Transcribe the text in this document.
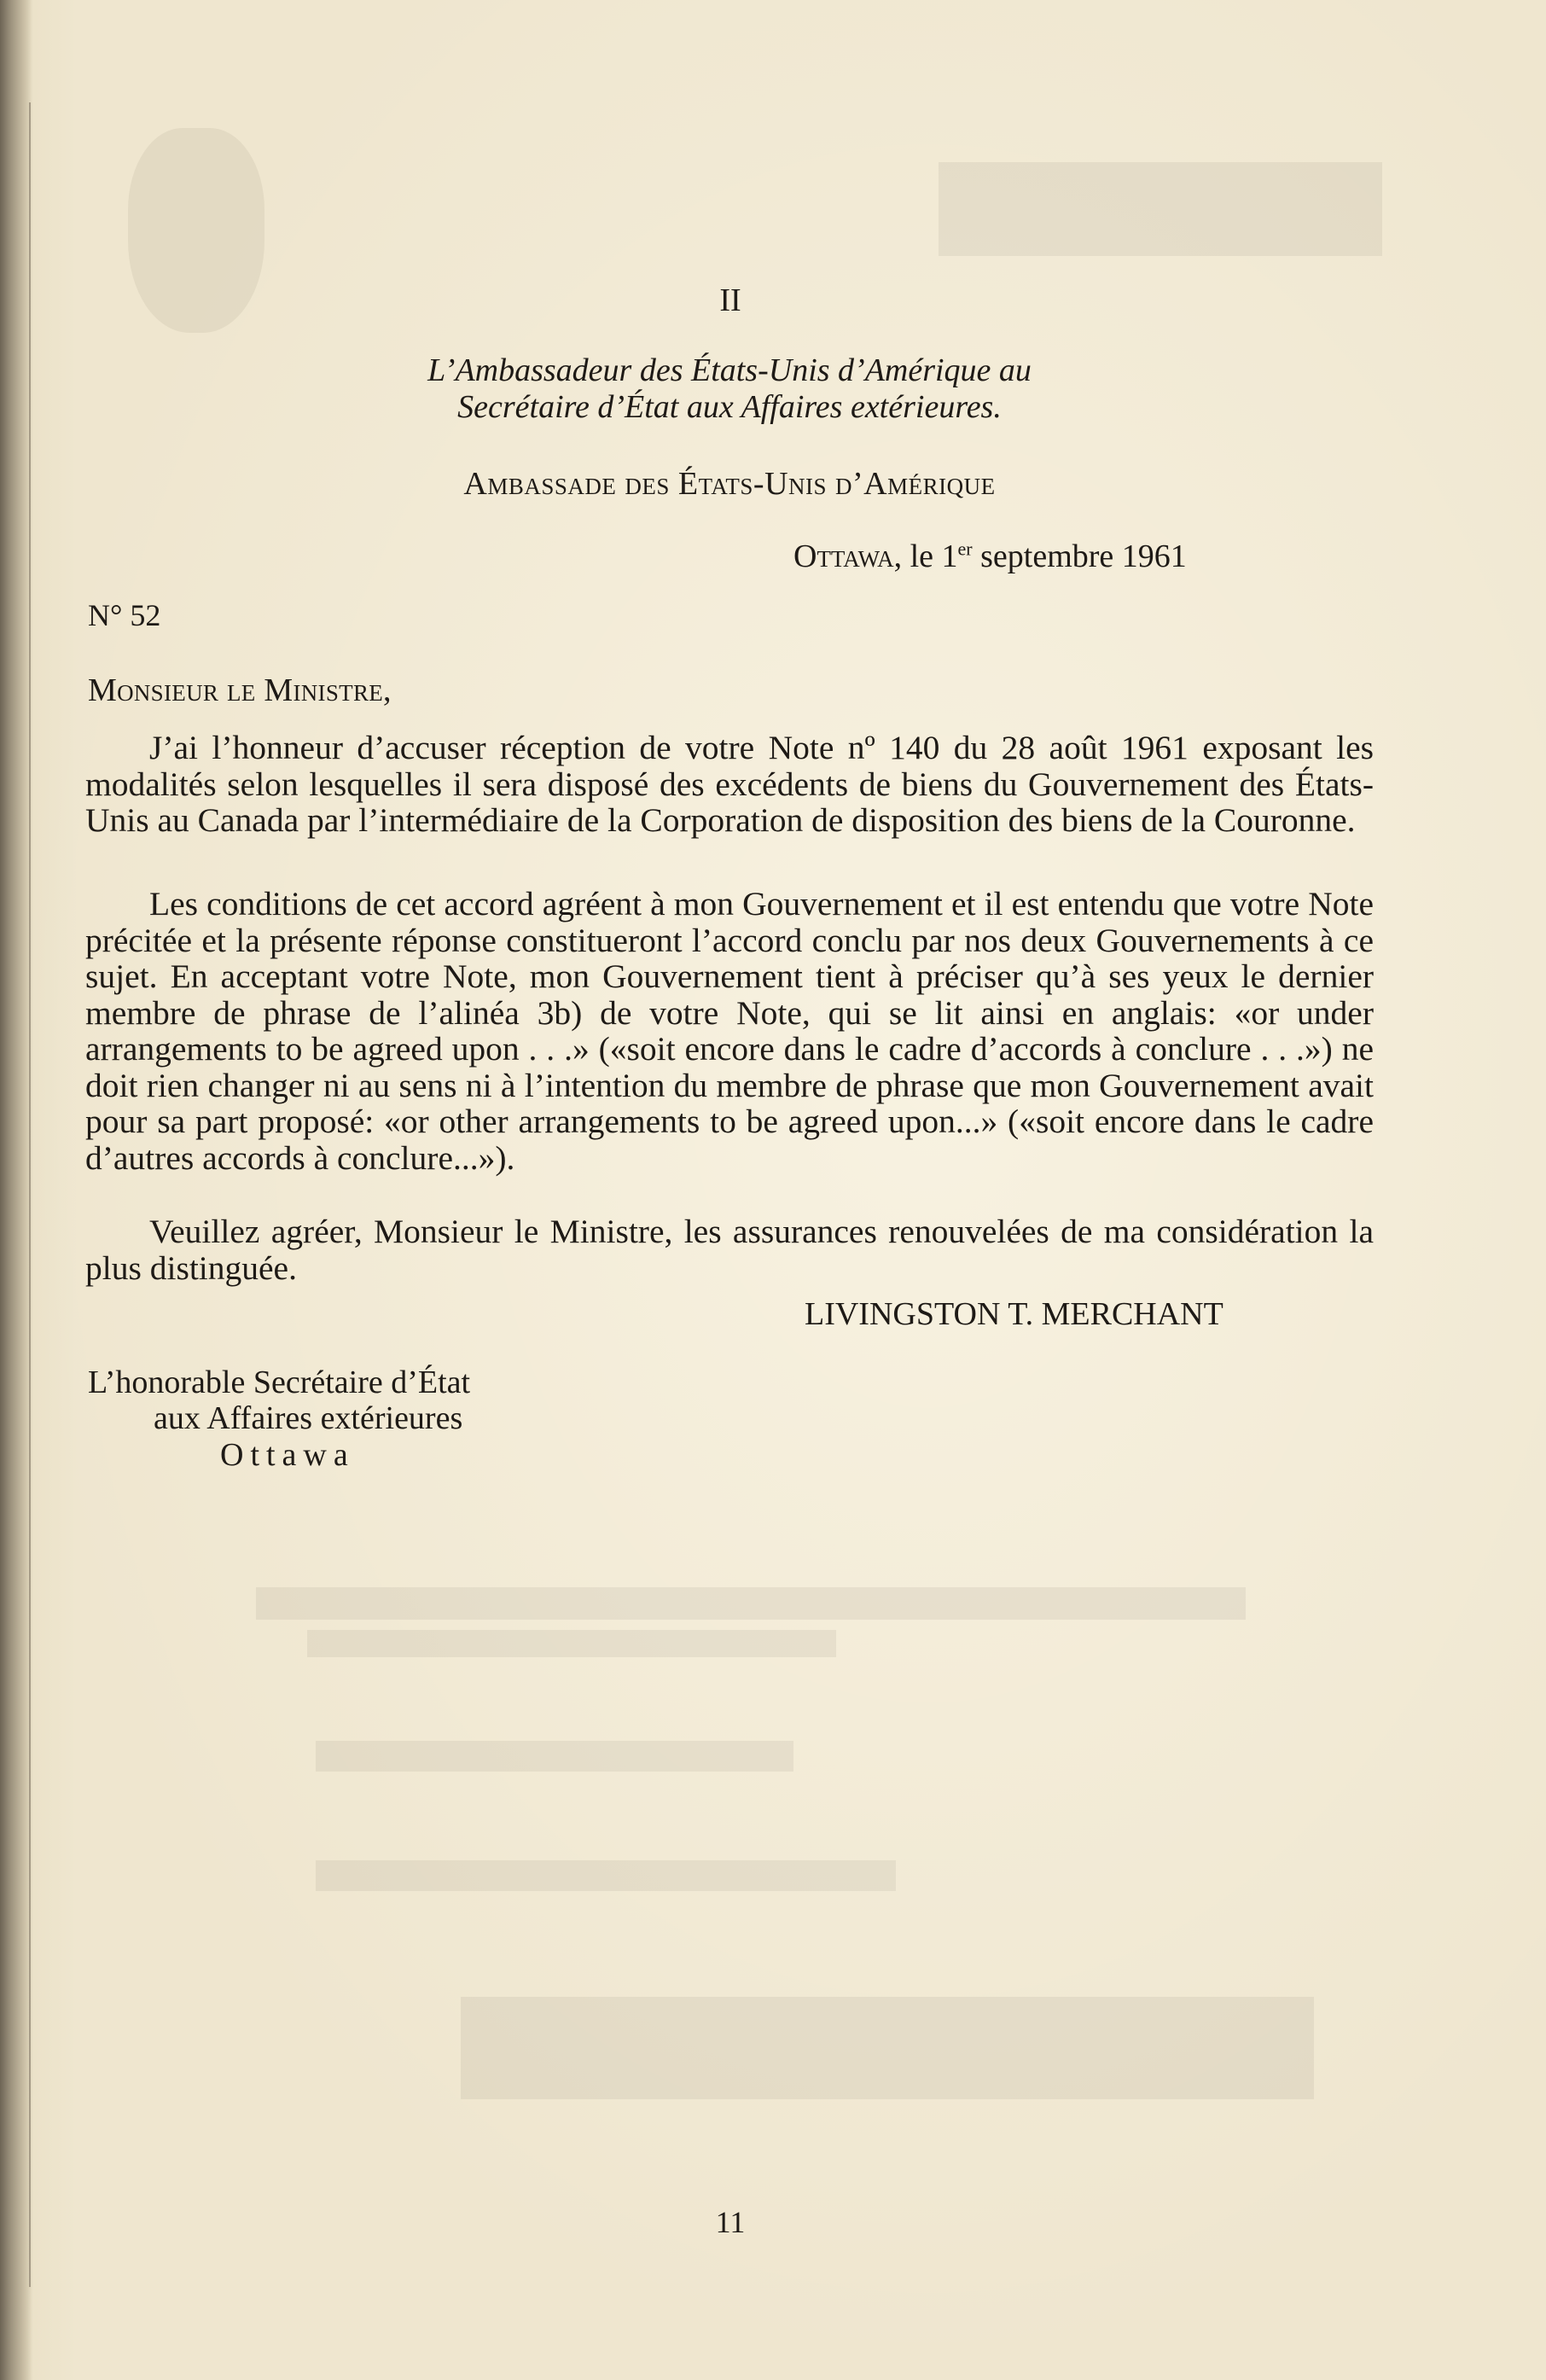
II
L’Ambassadeur des États-Unis d’Amérique au
Secrétaire d’État aux Affaires extérieures.
Ambassade des États-Unis d’Amérique
Ottawa, le 1er septembre 1961
N° 52
Monsieur le Ministre,
J’ai l’honneur d’accuser réception de votre Note nº 140 du 28 août 1961 exposant les modalités selon lesquelles il sera disposé des excédents de biens du Gouvernement des États-Unis au Canada par l’intermédiaire de la Corporation de disposition des biens de la Couronne.
Les conditions de cet accord agréent à mon Gouvernement et il est entendu que votre Note précitée et la présente réponse constitueront l’accord conclu par nos deux Gouvernements à ce sujet. En acceptant votre Note, mon Gouvernement tient à préciser qu’à ses yeux le dernier membre de phrase de l’alinéa 3b) de votre Note, qui se lit ainsi en anglais: «or under arrangements to be agreed upon . . .» («soit encore dans le cadre d’accords à conclure . . .») ne doit rien changer ni au sens ni à l’intention du membre de phrase que mon Gouvernement avait pour sa part proposé: «or other arrangements to be agreed upon...» («soit encore dans le cadre d’autres accords à conclure...»).
Veuillez agréer, Monsieur le Ministre, les assurances renouvelées de ma considération la plus distinguée.
LIVINGSTON T. MERCHANT
L’honorable Secrétaire d’État
aux Affaires extérieures
Ottawa
11
